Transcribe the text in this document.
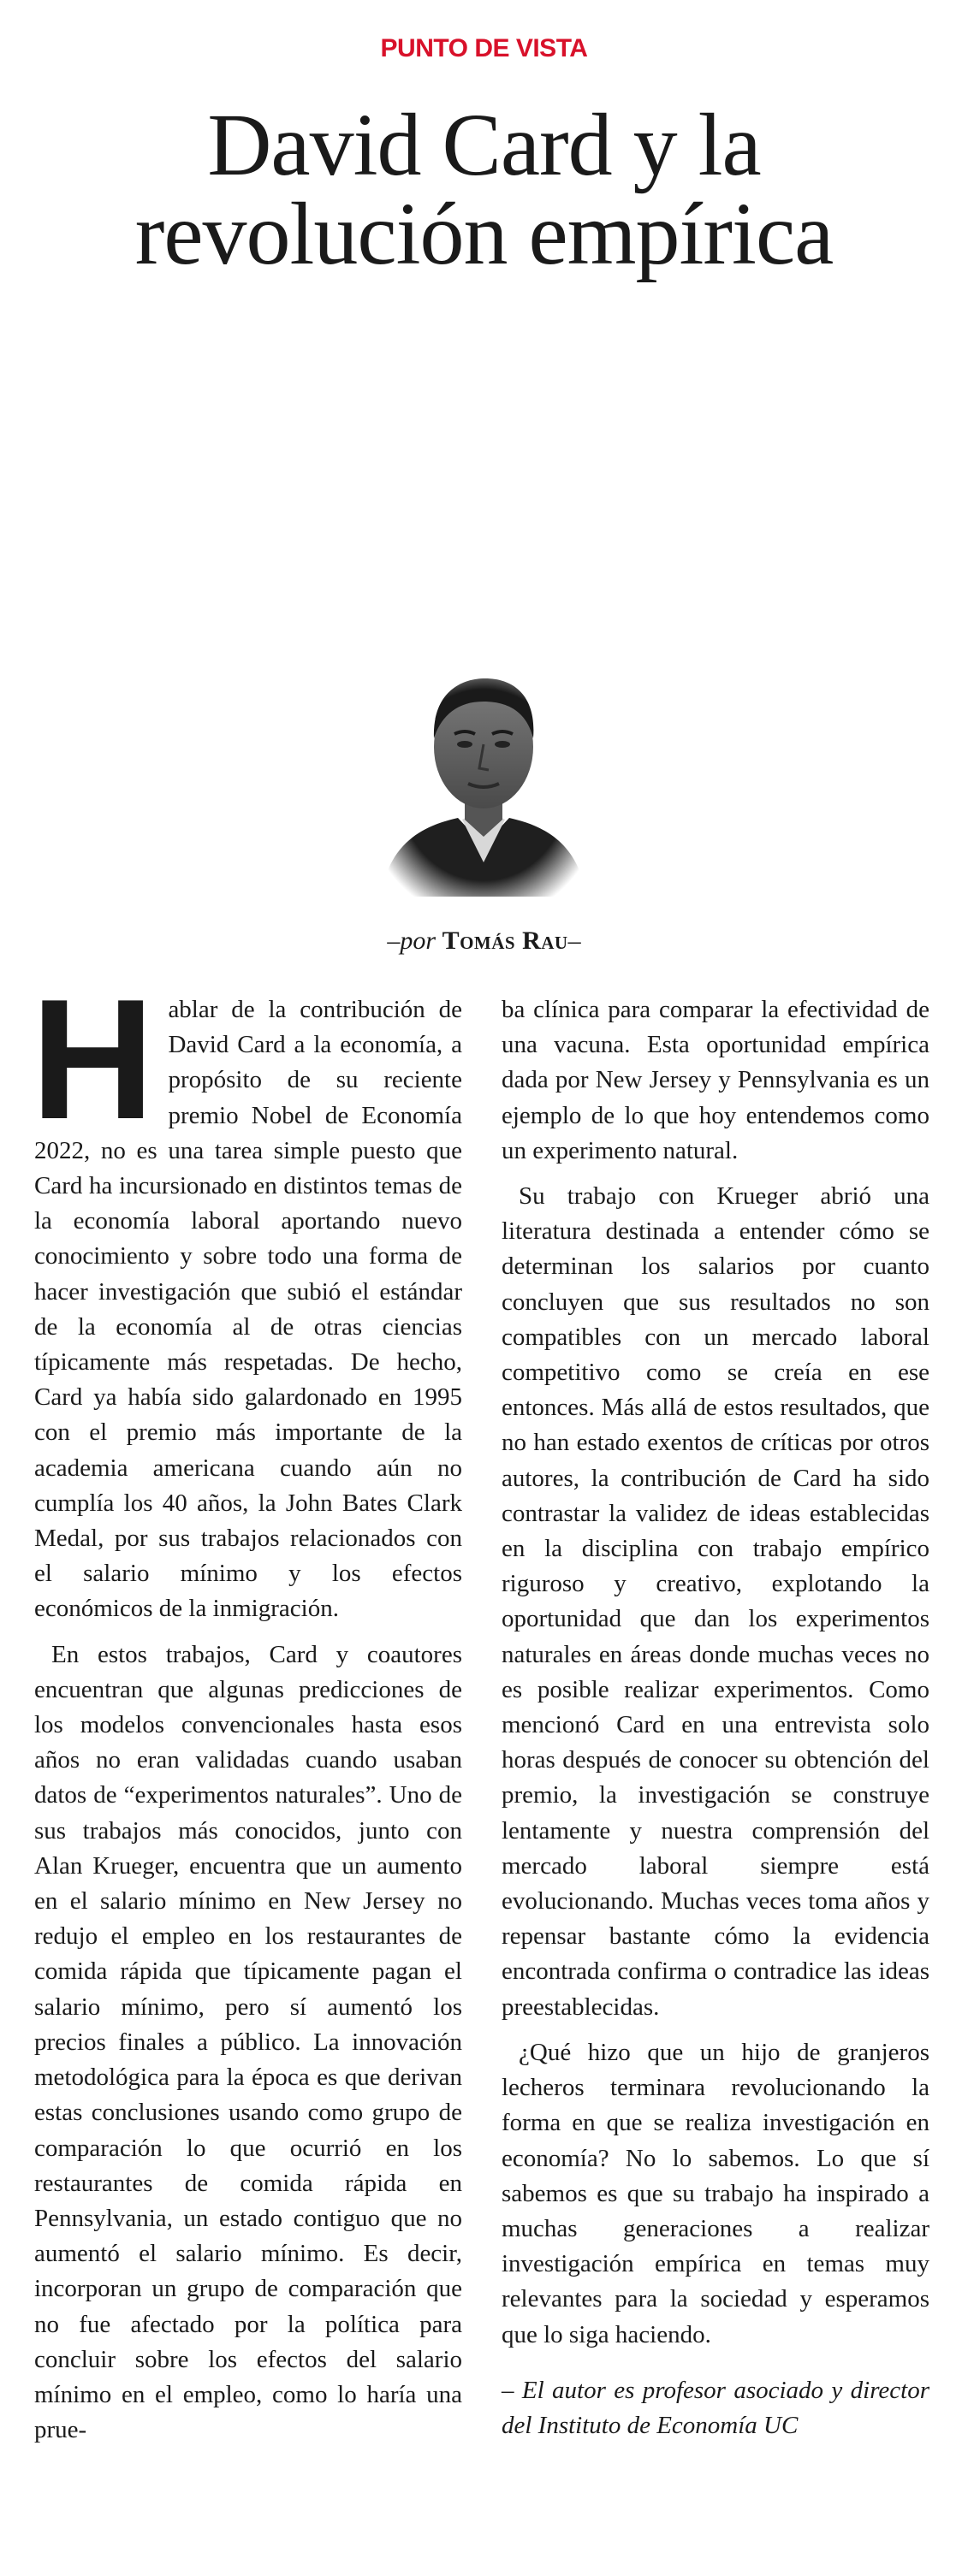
PUNTO DE VISTA
David Card y la
revolución empírica
–por Tomás Rau–

Hablar de la contribución de David Card a la economía, a propósito de su reciente premio Nobel de Economía 2022, no es una tarea simple puesto que Card ha incursionado en distintos temas de la economía laboral aportando nuevo conocimiento y sobre todo una forma de hacer investigación que subió el estándar de la economía al de otras ciencias típicamente más respetadas. De hecho, Card ya había sido galardonado en 1995 con el premio más importante de la academia americana cuando aún no cumplía los 40 años, la John Bates Clark Medal, por sus trabajos relacionados con el salario mínimo y los efectos económicos de la inmigración.

En estos trabajos, Card y coautores encuentran que algunas predicciones de los modelos convencionales hasta esos años no eran validadas cuando usaban datos de “experimentos naturales”. Uno de sus trabajos más conocidos, junto con Alan Krueger, encuentra que un aumento en el salario mínimo en New Jersey no redujo el empleo en los restaurantes de comida rápida que típicamente pagan el salario mínimo, pero sí aumentó los precios finales a público. La innovación metodológica para la época es que derivan estas conclusiones usando como grupo de comparación lo que ocurrió en los restaurantes de comida rápida en Pennsylvania, un estado contiguo que no aumentó el salario mínimo. Es decir, incorporan un grupo de comparación que no fue afectado por la política para concluir sobre los efectos del salario mínimo en el empleo, como lo haría una prue-

ba clínica para comparar la efectividad de una vacuna. Esta oportunidad empírica dada por New Jersey y Pennsylvania es un ejemplo de lo que hoy entendemos como un experimento natural.

Su trabajo con Krueger abrió una literatura destinada a entender cómo se determinan los salarios por cuanto concluyen que sus resultados no son compatibles con un mercado laboral competitivo como se creía en ese entonces. Más allá de estos resultados, que no han estado exentos de críticas por otros autores, la contribución de Card ha sido contrastar la validez de ideas establecidas en la disciplina con trabajo empírico riguroso y creativo, explotando la oportunidad que dan los experimentos naturales en áreas donde muchas veces no es posible realizar experimentos. Como mencionó Card en una entrevista solo horas después de conocer su obtención del premio, la investigación se construye lentamente y nuestra comprensión del mercado laboral siempre está evolucionando. Muchas veces toma años y repensar bastante cómo la evidencia encontrada confirma o contradice las ideas preestablecidas.

¿Qué hizo que un hijo de granjeros lecheros terminara revolucionando la forma en que se realiza investigación en economía? No lo sabemos. Lo que sí sabemos es que su trabajo ha inspirado a muchas generaciones a realizar investigación empírica en temas muy relevantes para la sociedad y esperamos que lo siga haciendo.

– El autor es profesor asociado y director del Instituto de Economía UC
